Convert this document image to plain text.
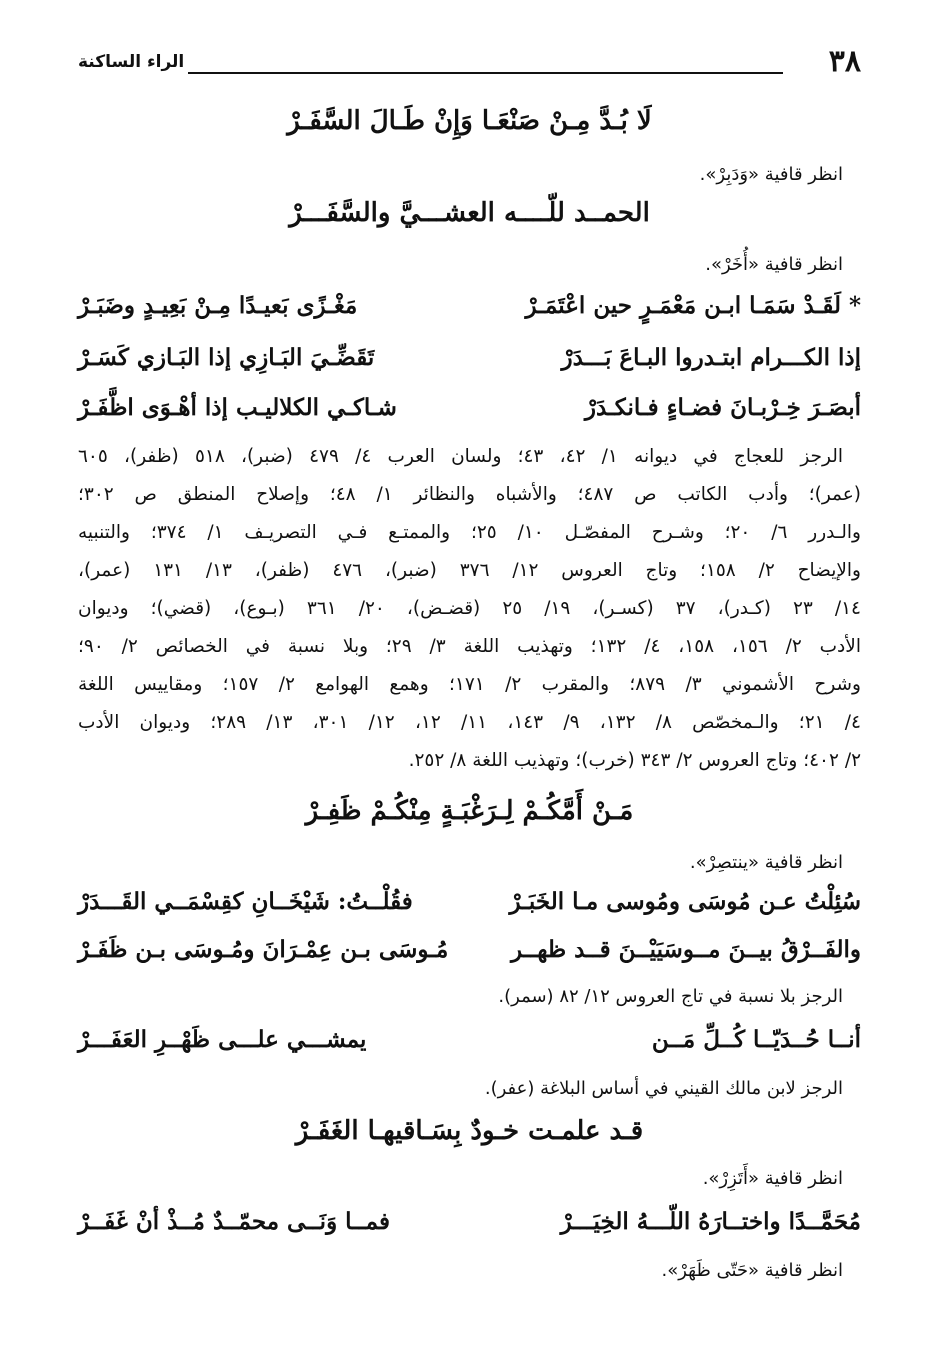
٣٨
الراء الساكنة
لَا بُـدَّ مِـنْ صَنْعَـا وَإِنْ طَـالَ السَّفَـرْ
انظر قافية «وَدَبِرْ».
الحمــد للّــــه العشـــيَّ والسَّفَـــرْ
انظر قافية «أُخَرْ».
* لَقَـدْ سَمَـا ابـن مَعْمَـرٍ حين اعْتَمَـرْ
مَغْـزًى بَعيـدًا مِـنْ بَعِيـدٍ وضَبَـرْ
إذا الكـــرام ابتـدروا البـاعَ بَـــدَرْ
تَقَضِّـيَ البَـازِي إذا البَـازي كَسَـرْ
أبصَـرَ خِـرْبـانَ فضـاءٍ فـانكـدَرْ
شـاكـي الكلاليـب إذا أهْـوَى اظَّفَـرْ
الرجز للعجاج في ديوانه ١/ ٤٢، ٤٣؛ ولسان العرب ٤/ ٤٧٩ (ضبر)، ٥١٨ (ظفر)، ٦٠٥
(عمر)؛ وأدب الكاتب ص ٤٨٧؛ والأشباه والنظائر ١/ ٤٨؛ وإصلاح المنطق ص ٣٠٢؛
والـدرر ٦/ ٢٠؛ وشـرح المفصّـل ١٠/ ٢٥؛ والممتـع فـي التصريـف ١/ ٣٧٤؛ والتنبيه
والإيضاح ٢/ ١٥٨؛ وتاج العروس ١٢/ ٣٧٦ (ضبر)، ٤٧٦ (ظفر)، ١٣/ ١٣١ (عمر)،
١٤/ ٢٣ (كـدر)، ٣٧ (كسـر)، ١٩/ ٢٥ (قضـض)، ٢٠/ ٣٦١ (بـوع)، (قضي)؛ وديوان
الأدب ٢/ ١٥٦، ١٥٨، ٤/ ١٣٢؛ وتهذيب اللغة ٣/ ٢٩؛ وبلا نسبة في الخصائص ٢/ ٩٠؛
وشرح الأشموني ٣/ ٨٧٩؛ والمقرب ٢/ ١٧١؛ وهمع الهوامع ٢/ ١٥٧؛ ومقاييس اللغة
٤/ ٢١؛ والـمخصّص ٨/ ١٣٢، ٩/ ١٤٣، ١١/ ١٢، ١٢/ ٣٠١، ١٣/ ٢٨٩؛ وديوان الأدب
٢/ ٤٠٢؛ وتاج العروس ٢/ ٣٤٣ (خرب)؛ وتهذيب اللغة ٨/ ٢٥٢.
مَـنْ أَمَّكُـمْ لِـرَغْبَـةٍ مِنْكُـمْ ظَفِـرْ
انظر قافية «ينتصِرْ».
سُئِلْتُ عـن مُوسَى ومُوسى مـا الخَبَـرْ
فقُلْــتُ: شَيْخَــانِ كقِسْمَــي القَـــدَرْ
والفَــرْقُ بيــنَ مــوسَيَيْــنَ قــد ظهــر
مُـوسَى بـن عِمْـرَانَ ومُـوسَى بـن ظَفَـرْ
الرجز بلا نسبة في تاج العروس ١٢/ ٨٢ (سمر).
أنــا حُــدَيّــا كُــلِّ مَــن
يمشـــي علـــى ظَهْــرِ العَفَـــرْ
الرجز لابن مالك القيني في أساس البلاغة (عفر).
قـد علمـت خـودٌ بِسَـاقيهـا الغَفَـرْ
انظر قافية «أَتَزِرْ».
مُحَمَّــدًا واختــارَهُ اللّـــهُ الخِيَـــرْ
فمــا وَنَــى محمّــدٌ مُــذْ أنْ غَفَــرْ
انظر قافية «حَتّى ظَهَرْ».
